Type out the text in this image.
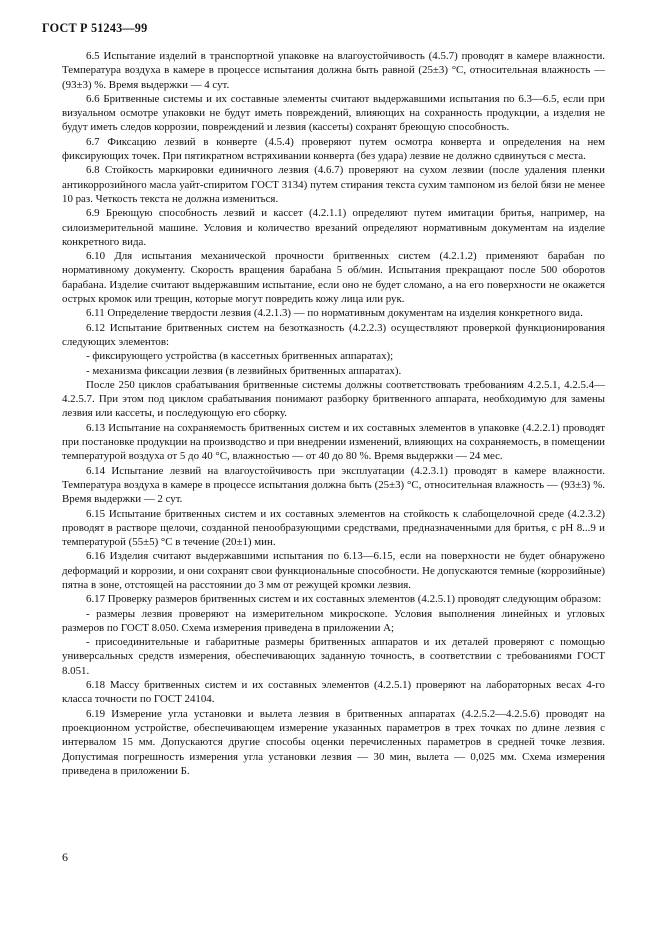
ГОСТ Р 51243—99

6.5 Испытание изделий в транспортной упаковке на влагоустойчивость (4.5.7) проводят в камере влажности. Температура воздуха в камере в процессе испытания должна быть равной (25±3) °С, относительная влажность — (93±3) %. Время выдержки — 4 сут.

6.6 Бритвенные системы и их составные элементы считают выдержавшими испытания по 6.3—6.5, если при визуальном осмотре упаковки не будут иметь повреждений, влияющих на сохранность продукции, а изделия не будут иметь следов коррозии, повреждений и лезвия (кассеты) сохранят бреющую способность.

6.7 Фиксацию лезвий в конверте (4.5.4) проверяют путем осмотра конверта и определения на нем фиксирующих точек. При пятикратном встряхивании конверта (без удара) лезвие не должно сдвинуться с места.

6.8 Стойкость маркировки единичного лезвия (4.6.7) проверяют на сухом лезвии (после удаления пленки антикоррозийного масла уайт-спиритом ГОСТ 3134) путем стирания текста сухим тампоном из белой бязи не менее 10 раз. Четкость текста не должна измениться.

6.9 Бреющую способность лезвий и кассет (4.2.1.1) определяют путем имитации бритья, например, на силоизмерительной машине. Условия и количество врезаний определяют нормативным документам на изделие конкретного вида.

6.10 Для испытания механической прочности бритвенных систем (4.2.1.2) применяют барабан по нормативному документу. Скорость вращения барабана 5 об/мин. Испытания прекращают после 500 оборотов барабана. Изделие считают выдержавшим испытание, если оно не будет сломано, а на его поверхности не окажется острых кромок или трещин, которые могут повредить кожу лица или рук.

6.11 Определение твердости лезвия (4.2.1.3) — по нормативным документам на изделия конкретного вида.

6.12 Испытание бритвенных систем на безотказность (4.2.2.3) осуществляют проверкой функционирования следующих элементов:

- фиксирующего устройства (в кассетных бритвенных аппаратах);

- механизма фиксации лезвия (в лезвийных бритвенных аппаратах).

После 250 циклов срабатывания бритвенные системы должны соответствовать требованиям 4.2.5.1, 4.2.5.4—4.2.5.7. При этом под циклом срабатывания понимают разборку бритвенного аппарата, необходимую для замены лезвия или кассеты, и последующую его сборку.

6.13 Испытание на сохраняемость бритвенных систем и их составных элементов в упаковке (4.2.2.1) проводят при постановке продукции на производство и при внедрении изменений, влияющих на сохраняемость, в помещении температурой воздуха от 5 до 40 °С, влажностью — от 40 до 80 %. Время выдержки — 24 мес.

6.14 Испытание лезвий на влагоустойчивость при эксплуатации (4.2.3.1) проводят в камере влажности. Температура воздуха в камере в процессе испытания должна быть (25±3) °С, относительная влажность — (93±3) %. Время выдержки — 2 сут.

6.15 Испытание бритвенных систем и их составных элементов на стойкость к слабощелочной среде (4.2.3.2) проводят в растворе щелочи, созданной пенообразующими средствами, предназначенными для бритья, с pH 8...9 и температурой (55±5) °С в течение (20±1) мин.

6.16 Изделия считают выдержавшими испытания по 6.13—6.15, если на поверхности не будет обнаружено деформаций и коррозии, и они сохранят свои функциональные способности. Не допускаются темные (коррозийные) пятна в зоне, отстоящей на расстоянии до 3 мм от режущей кромки лезвия.

6.17 Проверку размеров бритвенных систем и их составных элементов (4.2.5.1) проводят следующим образом:

- размеры лезвия проверяют на измерительном микроскопе. Условия выполнения линейных и угловых размеров по ГОСТ 8.050. Схема измерения приведена в приложении А;

- присоединительные и габаритные размеры бритвенных аппаратов и их деталей проверяют с помощью универсальных средств измерения, обеспечивающих заданную точность, в соответствии с требованиями ГОСТ 8.051.

6.18 Массу бритвенных систем и их составных элементов (4.2.5.1) проверяют на лабораторных весах 4-го класса точности по ГОСТ 24104.

6.19 Измерение угла установки и вылета лезвия в бритвенных аппаратах (4.2.5.2—4.2.5.6) проводят на проекционном устройстве, обеспечивающем измерение указанных параметров в трех точках по длине лезвия с интервалом 15 мм. Допускаются другие способы оценки перечисленных параметров в средней точке лезвия. Допустимая погрешность измерения угла установки лезвия — 30 мин, вылета — 0,025 мм. Схема измерения приведена в приложении Б.

6
